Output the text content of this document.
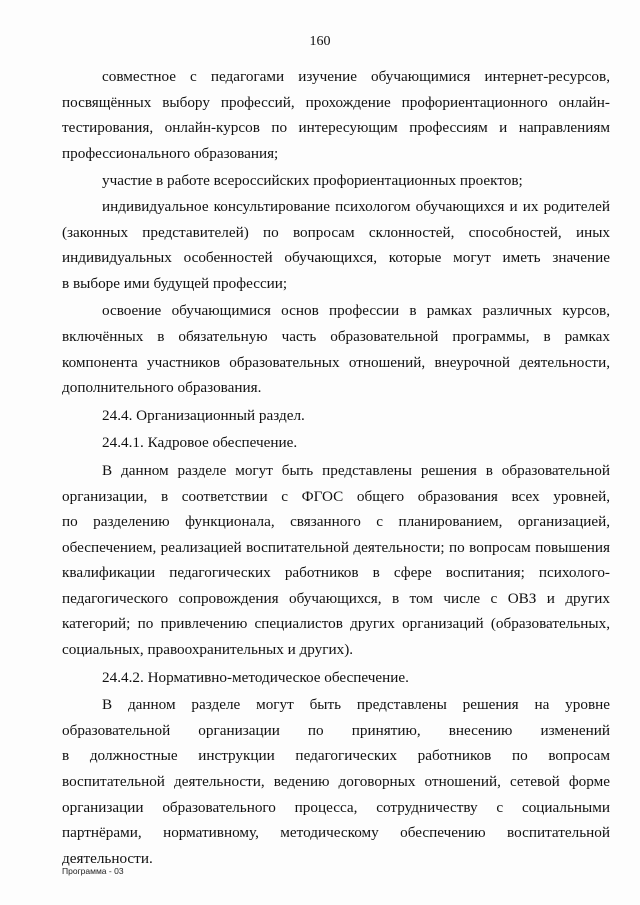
160

совместное с педагогами изучение обучающимися интернет-ресурсов,
посвящённых выбору профессий, прохождение профориентационного онлайн-
тестирования, онлайн-курсов по интересующим профессиям и направлениям
профессионального образования;

участие в работе всероссийских профориентационных проектов;

индивидуальное консультирование психологом обучающихся и их родителей
(законных представителей) по вопросам склонностей, способностей, иных
индивидуальных особенностей обучающихся, которые могут иметь значение
в выборе ими будущей профессии;

освоение обучающимися основ профессии в рамках различных курсов,
включённых в обязательную часть образовательной программы, в рамках
компонента участников образовательных отношений, внеурочной деятельности,
дополнительного образования.

24.4. Организационный раздел.

24.4.1. Кадровое обеспечение.

В данном разделе могут быть представлены решения в образовательной
организации, в соответствии с ФГОС общего образования всех уровней,
по разделению функционала, связанного с планированием, организацией,
обеспечением, реализацией воспитательной деятельности; по вопросам повышения
квалификации педагогических работников в сфере воспитания; психолого-
педагогического сопровождения обучающихся, в том числе с ОВЗ и других
категорий; по привлечению специалистов других организаций (образовательных,
социальных, правоохранительных и других).

24.4.2. Нормативно-методическое обеспечение.

В данном разделе могут быть представлены решения на уровне
образовательной организации по принятию, внесению изменений
в должностные инструкции педагогических работников по вопросам
воспитательной деятельности, ведению договорных отношений, сетевой форме
организации образовательного процесса, сотрудничеству с социальными
партнёрами, нормативному, методическому обеспечению воспитательной
деятельности.

Программа - 03
